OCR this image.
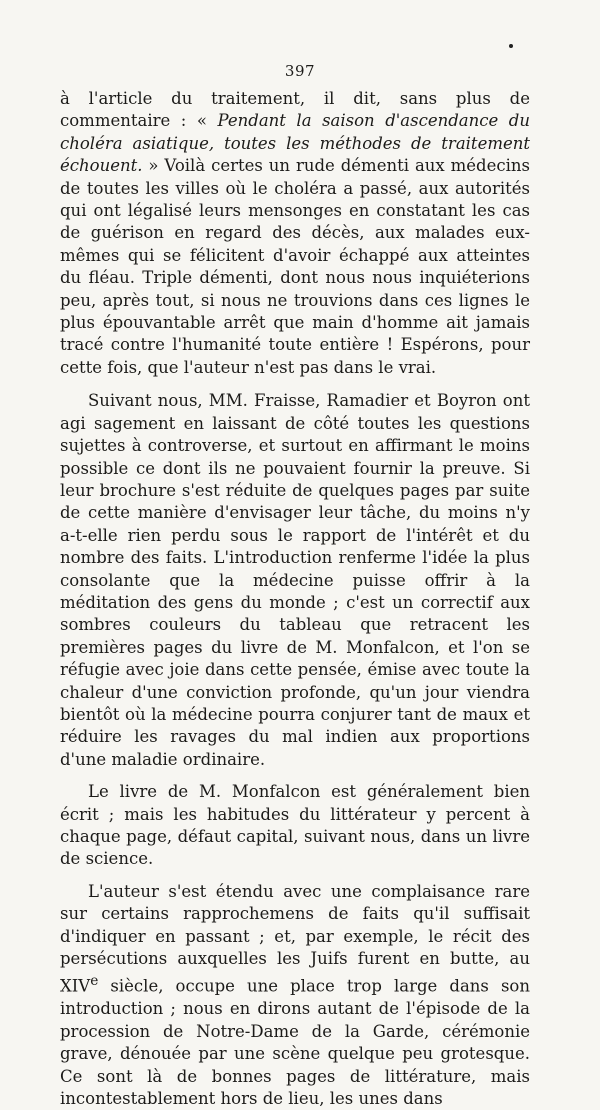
397

à l'article du traitement, il dit, sans plus de commentaire : « Pendant la saison d'ascendance du choléra asiatique, toutes les méthodes de traitement échouent. » Voilà certes un rude démenti aux médecins de toutes les villes où le choléra a passé, aux autorités qui ont légalisé leurs mensonges en constatant les cas de guérison en regard des décès, aux malades eux-mêmes qui se félicitent d'avoir échappé aux atteintes du fléau. Triple démenti, dont nous nous inquiéterions peu, après tout, si nous ne trouvions dans ces lignes le plus épouvantable arrêt que main d'homme ait jamais tracé contre l'humanité toute entière ! Espérons, pour cette fois, que l'auteur n'est pas dans le vrai.

Suivant nous, MM. Fraisse, Ramadier et Boyron ont agi sagement en laissant de côté toutes les questions sujettes à controverse, et surtout en affirmant le moins possible ce dont ils ne pouvaient fournir la preuve. Si leur brochure s'est réduite de quelques pages par suite de cette manière d'envisager leur tâche, du moins n'y a-t-elle rien perdu sous le rapport de l'intérêt et du nombre des faits. L'introduction renferme l'idée la plus consolante que la médecine puisse offrir à la méditation des gens du monde ; c'est un correctif aux sombres couleurs du tableau que retracent les premières pages du livre de M. Monfalcon, et l'on se réfugie avec joie dans cette pensée, émise avec toute la chaleur d'une conviction profonde, qu'un jour viendra bientôt où la médecine pourra conjurer tant de maux et réduire les ravages du mal indien aux proportions d'une maladie ordinaire.

Le livre de M. Monfalcon est généralement bien écrit ; mais les habitudes du littérateur y percent à chaque page, défaut capital, suivant nous, dans un livre de science.

L'auteur s'est étendu avec une complaisance rare sur certains rapprochemens de faits qu'il suffisait d'indiquer en passant ; et, par exemple, le récit des persécutions auxquelles les Juifs furent en butte, au XIVe siècle, occupe une place trop large dans son introduction ; nous en dirons autant de l'épisode de la procession de Notre-Dame de la Garde, cérémonie grave, dénouée par une scène quelque peu grotesque. Ce sont là de bonnes pages de littérature, mais incontestablement hors de lieu, les unes dans
